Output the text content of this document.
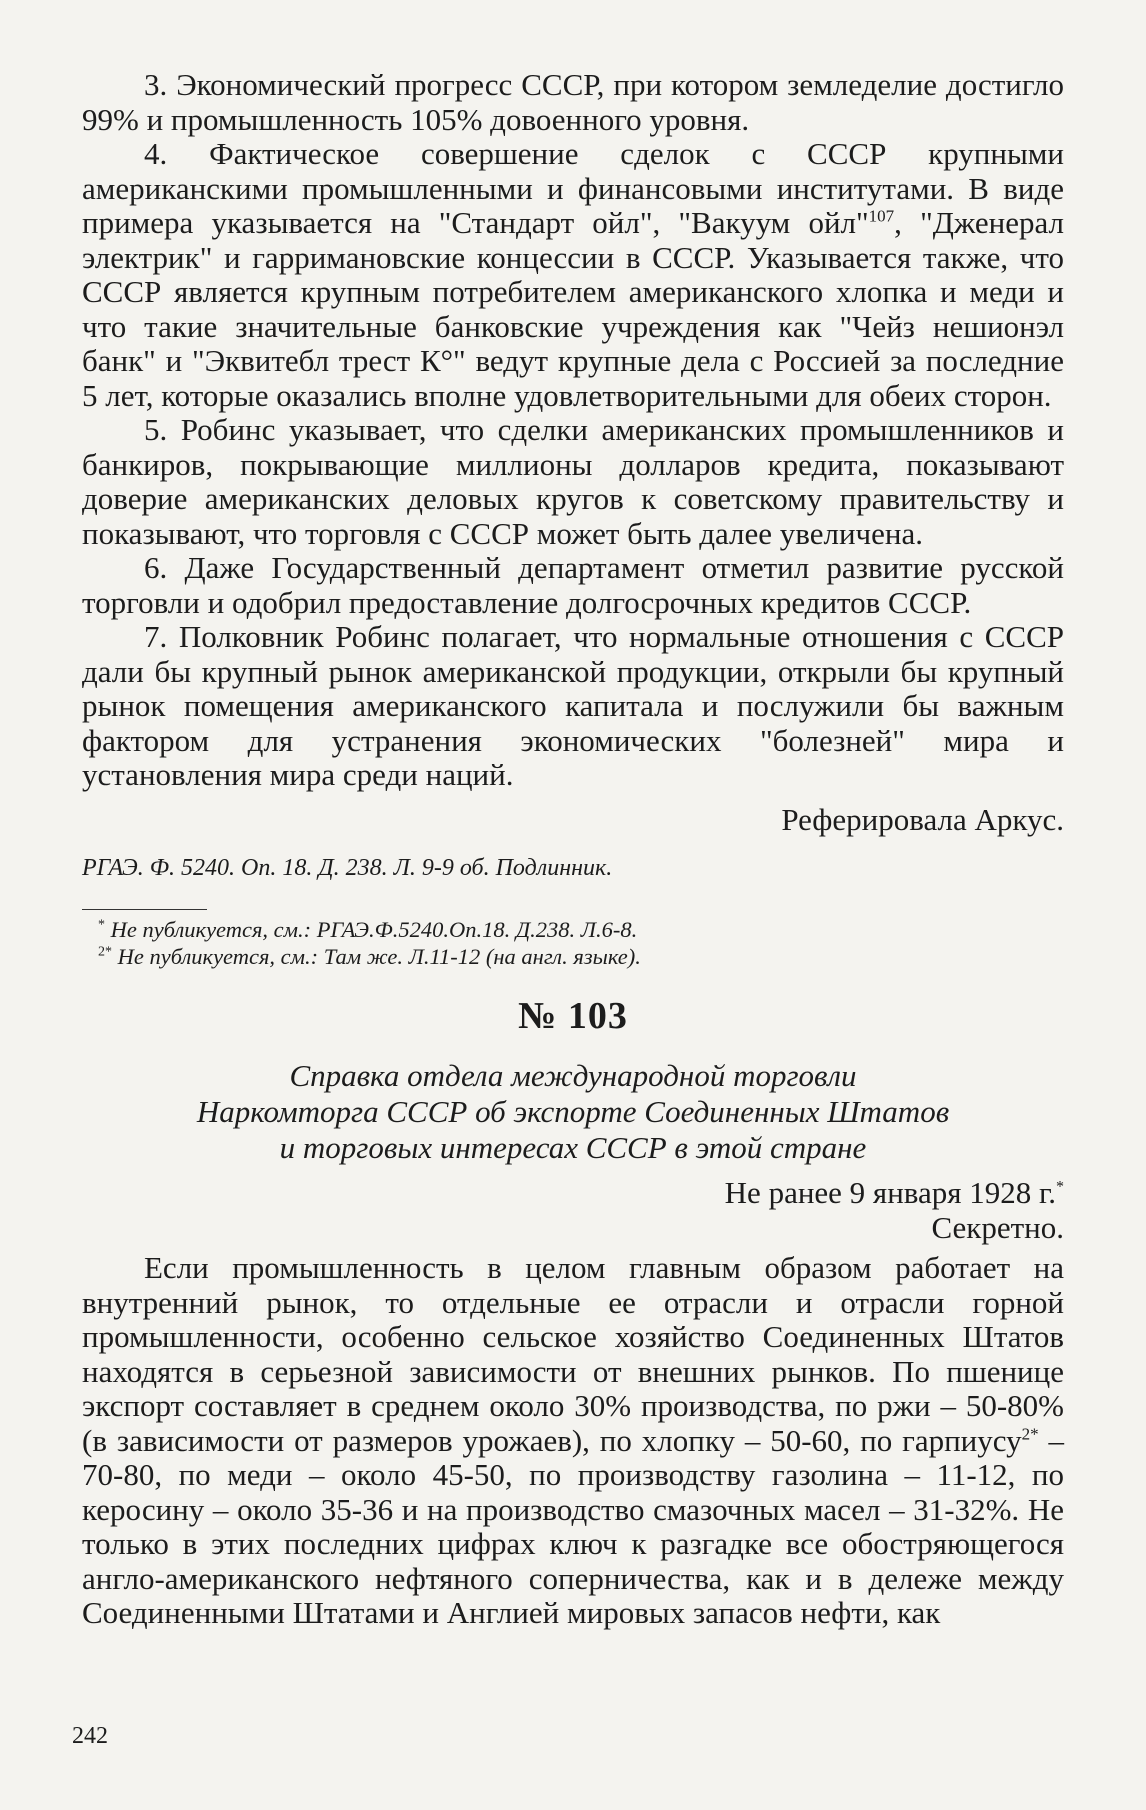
3. Экономический прогресс СССР, при котором земледелие достигло 99% и промышленность 105% довоенного уровня.

4. Фактическое совершение сделок с СССР крупными американскими промышленными и финансовыми институтами. В виде примера указывается на "Стандарт ойл", "Вакуум ойл"$^{107}$, "Дженерал электрик" и гарримановские концессии в СССР. Указывается также, что СССР является крупным потребителем американского хлопка и меди и что такие значительные банковские учреждения как "Чейз нешионэл банк" и "Эквитебл трест К°" ведут крупные дела с Россией за последние 5 лет, которые оказались вполне удовлетворительными для обеих сторон.

5. Робинс указывает, что сделки американских промышленников и банкиров, покрывающие миллионы долларов кредита, показывают доверие американских деловых кругов к советскому правительству и показывают, что торговля с СССР может быть далее увеличена.

6. Даже Государственный департамент отметил развитие русской торговли и одобрил предоставление долгосрочных кредитов СССР.

7. Полковник Робинс полагает, что нормальные отношения с СССР дали бы крупный рынок американской продукции, открыли бы крупный рынок помещения американского капитала и послужили бы важным фактором для устранения экономических "болезней" мира и установления мира среди наций.

Реферировала Аркус.

РГАЭ. Ф. 5240. Оп. 18. Д. 238. Л. 9-9 об. Подлинник.

* Не публикуется, см.: РГАЭ.Ф.5240.Оп.18. Д.238. Л.6-8.

$^{2*}$ Не публикуется, см.: Там же. Л.11-12 (на англ. языке).

№ 103

Справка отдела международной торговли
Наркомторга СССР об экспорте Соединенных Штатов
и торговых интересах СССР в этой стране

Не ранее 9 января 1928 г.*

Секретно.

Если промышленность в целом главным образом работает на внутренний рынок, то отдельные ее отрасли и отрасли горной промышленности, особенно сельское хозяйство Соединенных Штатов находятся в серьезной зависимости от внешних рынков. По пшенице экспорт составляет в среднем около 30% производства, по ржи – 50-80% (в зависимости от размеров урожаев), по хлопку – 50-60, по гарпиусу$^{2*}$ – 70-80, по меди – около 45-50, по производству газолина – 11-12, по керосину – около 35-36 и на производство смазочных масел – 31-32%. Не только в этих последних цифрах ключ к разгадке все обостряющегося англо-американского нефтяного соперничества, как и в дележе между Соединенными Штатами и Англией мировых запасов нефти, как

242
